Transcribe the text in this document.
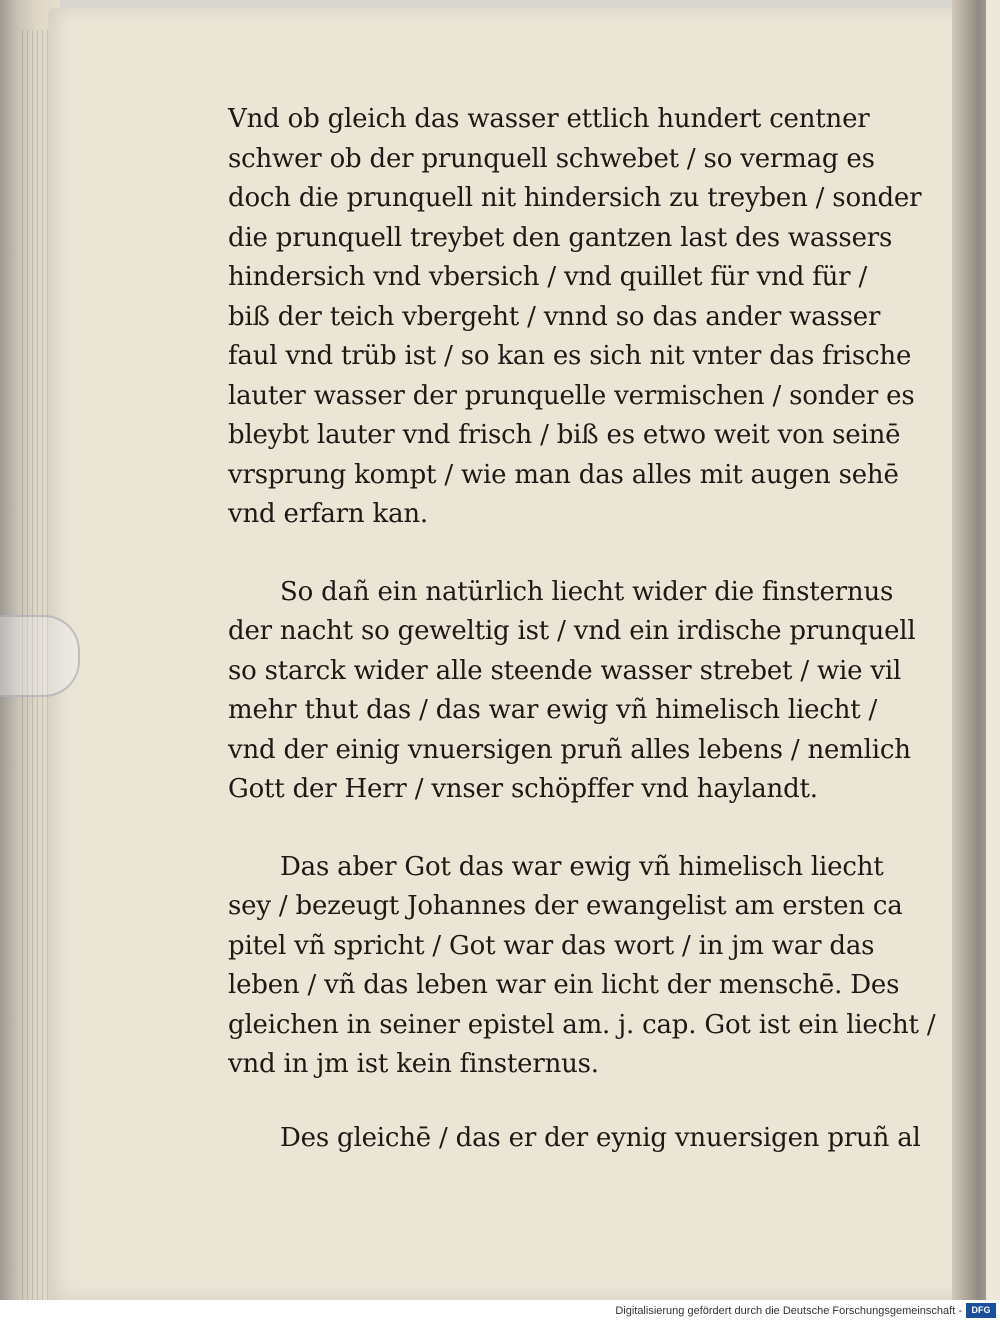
Vnd ob gleich das wasser ettlich hundert centner
schwer ob der prunquell schwebet / so vermag es
doch die prunquell nit hindersich zu treyben / sonder
die prunquell treybet den gantzen last des wassers
hindersich vnd vbersich / vnd quillet für vnd für /
biß der teich vbergeht / vnnd so das ander wasser
faul vnd trüb ist / so kan es sich nit vnter das frische
lauter wasser der prunquelle vermischen / sonder es
bleybt lauter vnd frisch / biß es etwo weit von seinē
vrsprung kompt / wie man das alles mit augen sehē
vnd erfarn kan.
So dañ ein natürlich liecht wider die finsternus
der nacht so geweltig ist / vnd ein irdische prunquell
so starck wider alle steende wasser strebet / wie vil
mehr thut das / das war ewig vñ himelisch liecht /
vnd der einig vnuersigen pruñ alles lebens / nemlich
Gott der Herr / vnser schöpffer vnd haylandt.
Das aber Got das war ewig vñ himelisch liecht
sey / bezeugt Johannes der ewangelist am ersten ca
pitel vñ spricht / Got war das wort / in jm war das
leben / vñ das leben war ein licht der menschē. Des
gleichen in seiner epistel am. j. cap. Got ist ein liecht /
vnd in jm ist kein finsternus.
Des gleichē / das er der eynig vnuersigen pruñ al
Digitalisierung gefördert durch die Deutsche Forschungsgemeinschaft -	DFG
